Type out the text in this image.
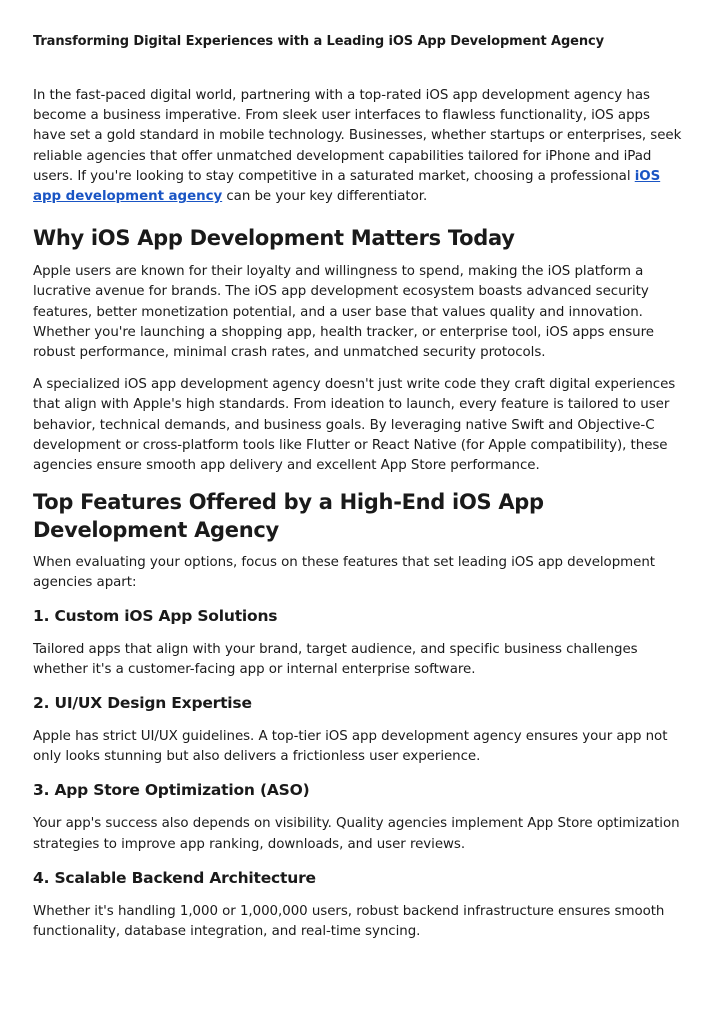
Transforming Digital Experiences with a Leading iOS App Development Agency

In the fast-paced digital world, partnering with a top-rated iOS app development agency has become a business imperative. From sleek user interfaces to flawless functionality, iOS apps have set a gold standard in mobile technology. Businesses, whether startups or enterprises, seek reliable agencies that offer unmatched development capabilities tailored for iPhone and iPad users. If you're looking to stay competitive in a saturated market, choosing a professional iOS app development agency can be your key differentiator.

Why iOS App Development Matters Today

Apple users are known for their loyalty and willingness to spend, making the iOS platform a lucrative avenue for brands. The iOS app development ecosystem boasts advanced security features, better monetization potential, and a user base that values quality and innovation. Whether you're launching a shopping app, health tracker, or enterprise tool, iOS apps ensure robust performance, minimal crash rates, and unmatched security protocols.

A specialized iOS app development agency doesn't just write code they craft digital experiences that align with Apple's high standards. From ideation to launch, every feature is tailored to user behavior, technical demands, and business goals. By leveraging native Swift and Objective-C development or cross-platform tools like Flutter or React Native (for Apple compatibility), these agencies ensure smooth app delivery and excellent App Store performance.

Top Features Offered by a High-End iOS App Development Agency

When evaluating your options, focus on these features that set leading iOS app development agencies apart:

1. Custom iOS App Solutions

Tailored apps that align with your brand, target audience, and specific business challenges whether it's a customer-facing app or internal enterprise software.

2. UI/UX Design Expertise

Apple has strict UI/UX guidelines. A top-tier iOS app development agency ensures your app not only looks stunning but also delivers a frictionless user experience.

3. App Store Optimization (ASO)

Your app's success also depends on visibility. Quality agencies implement App Store optimization strategies to improve app ranking, downloads, and user reviews.

4. Scalable Backend Architecture

Whether it's handling 1,000 or 1,000,000 users, robust backend infrastructure ensures smooth functionality, database integration, and real-time syncing.
